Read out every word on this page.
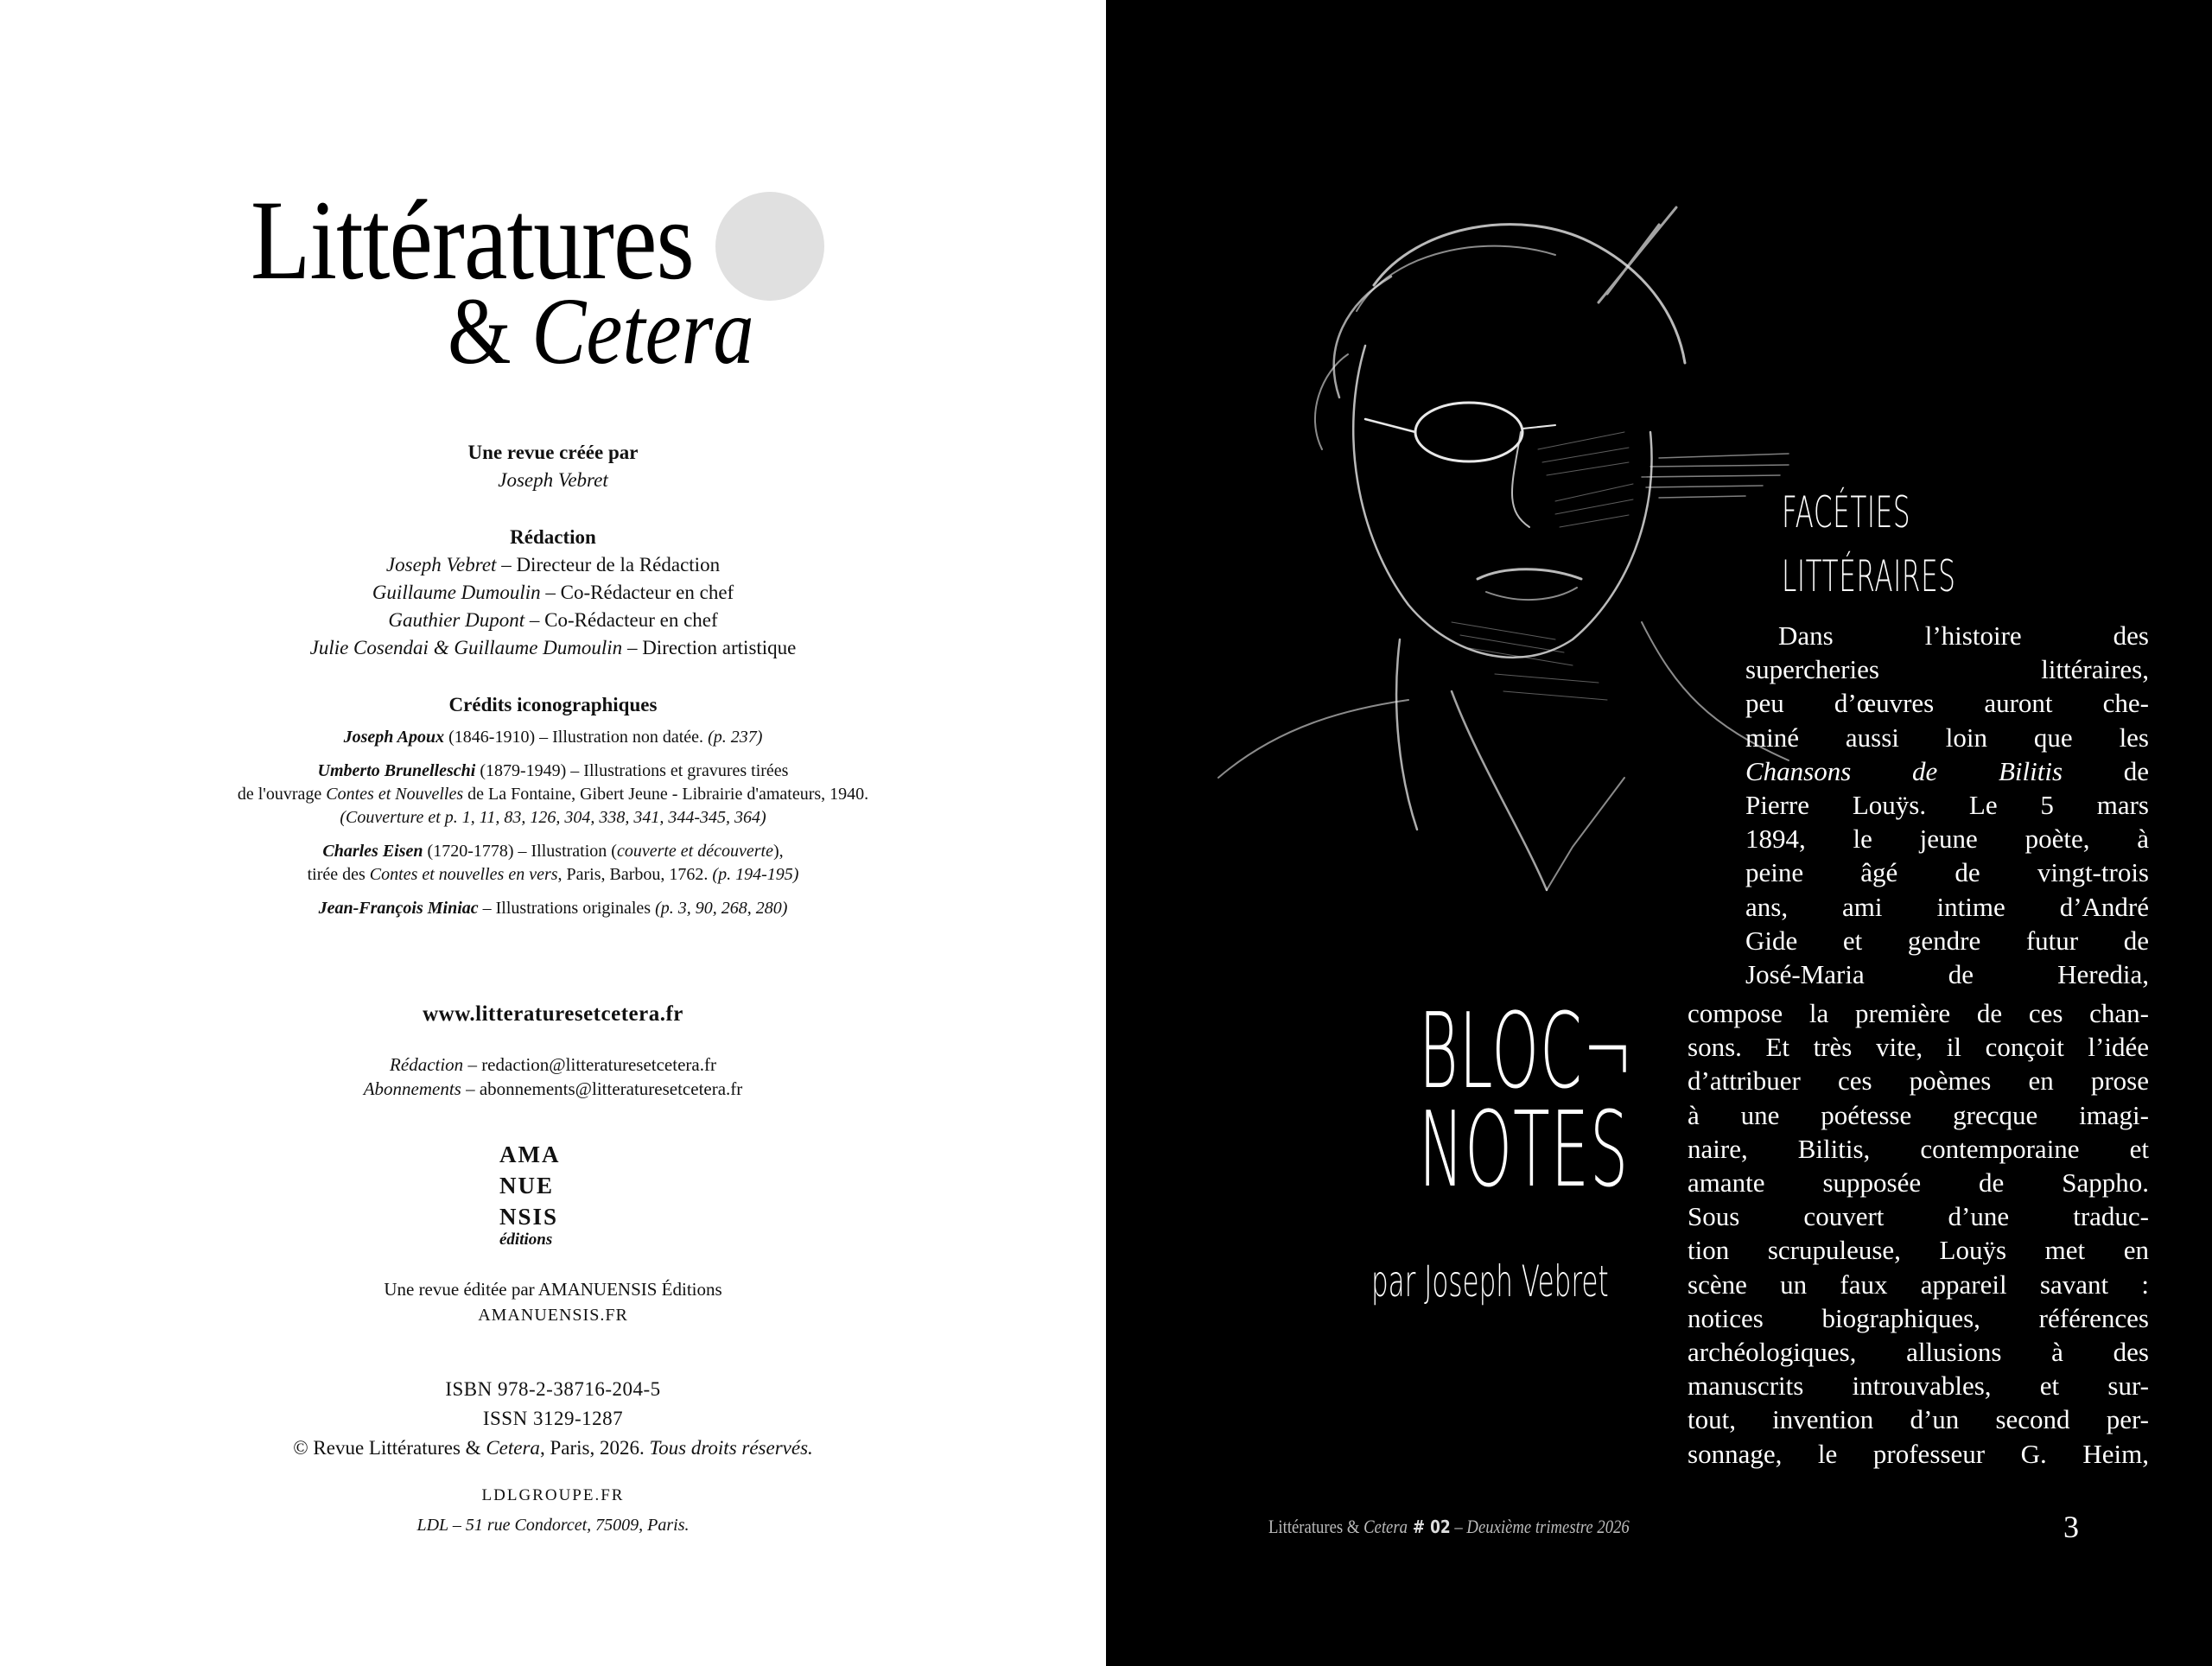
Littératures
& Cetera
Une revue créée par
Joseph Vebret
Rédaction
Joseph Vebret – Directeur de la Rédaction
Guillaume Dumoulin – Co-Rédacteur en chef
Gauthier Dupont – Co-Rédacteur en chef
Julie Cosendai & Guillaume Dumoulin – Direction artistique
Crédits iconographiques
Joseph Apoux (1846-1910) – Illustration non datée. (p. 237)
Umberto Brunelleschi (1879-1949) – Illustrations et gravures tirées
de l'ouvrage Contes et Nouvelles de La Fontaine, Gibert Jeune - Librairie d'amateurs, 1940.
(Couverture et p. 1, 11, 83, 126, 304, 338, 341, 344-345, 364)
Charles Eisen (1720-1778) – Illustration (couverte et découverte),
tirée des Contes et nouvelles en vers, Paris, Barbou, 1762. (p. 194-195)
Jean-François Miniac – Illustrations originales (p. 3, 90, 268, 280)
www.litteraturesetcetera.fr
Rédaction – redaction@litteraturesetcetera.fr
Abonnements – abonnements@litteraturesetcetera.fr
AMA
NUE
NSIS
éditions
Une revue éditée par AMANUENSIS Éditions
AMANUENSIS.FR
ISBN 978-2-38716-204-5
ISSN 3129-1287
© Revue Littératures & Cetera, Paris, 2026. Tous droits réservés.
LDLGROUPE.FR
LDL – 51 rue Condorcet, 75009, Paris.
FACÉTIES
LITTÉRAIRES
Dans l’histoire des
supercheries littéraires,
peu d’œuvres auront che-
miné aussi loin que les
Chansons de Bilitis de
Pierre Louÿs. Le 5 mars
1894, le jeune poète, à
peine âgé de vingt-trois
ans, ami intime d’André
Gide et gendre futur de
José-Maria de Heredia,
compose la première de ces chan-
sons. Et très vite, il conçoit l’idée
d’attribuer ces poèmes en prose
à une poétesse grecque imagi-
naire, Bilitis, contemporaine et
amante supposée de Sappho.
Sous couvert d’une traduc-
tion scrupuleuse, Louÿs met en
scène un faux appareil savant :
notices biographiques, références
archéologiques, allusions à des
manuscrits introuvables, et sur-
tout, invention d’un second per-
sonnage, le professeur G. Heim,
BLOC¬
NOTES
par Joseph Vebret
Littératures & Cetera # 02 – Deuxième trimestre 2026	3
